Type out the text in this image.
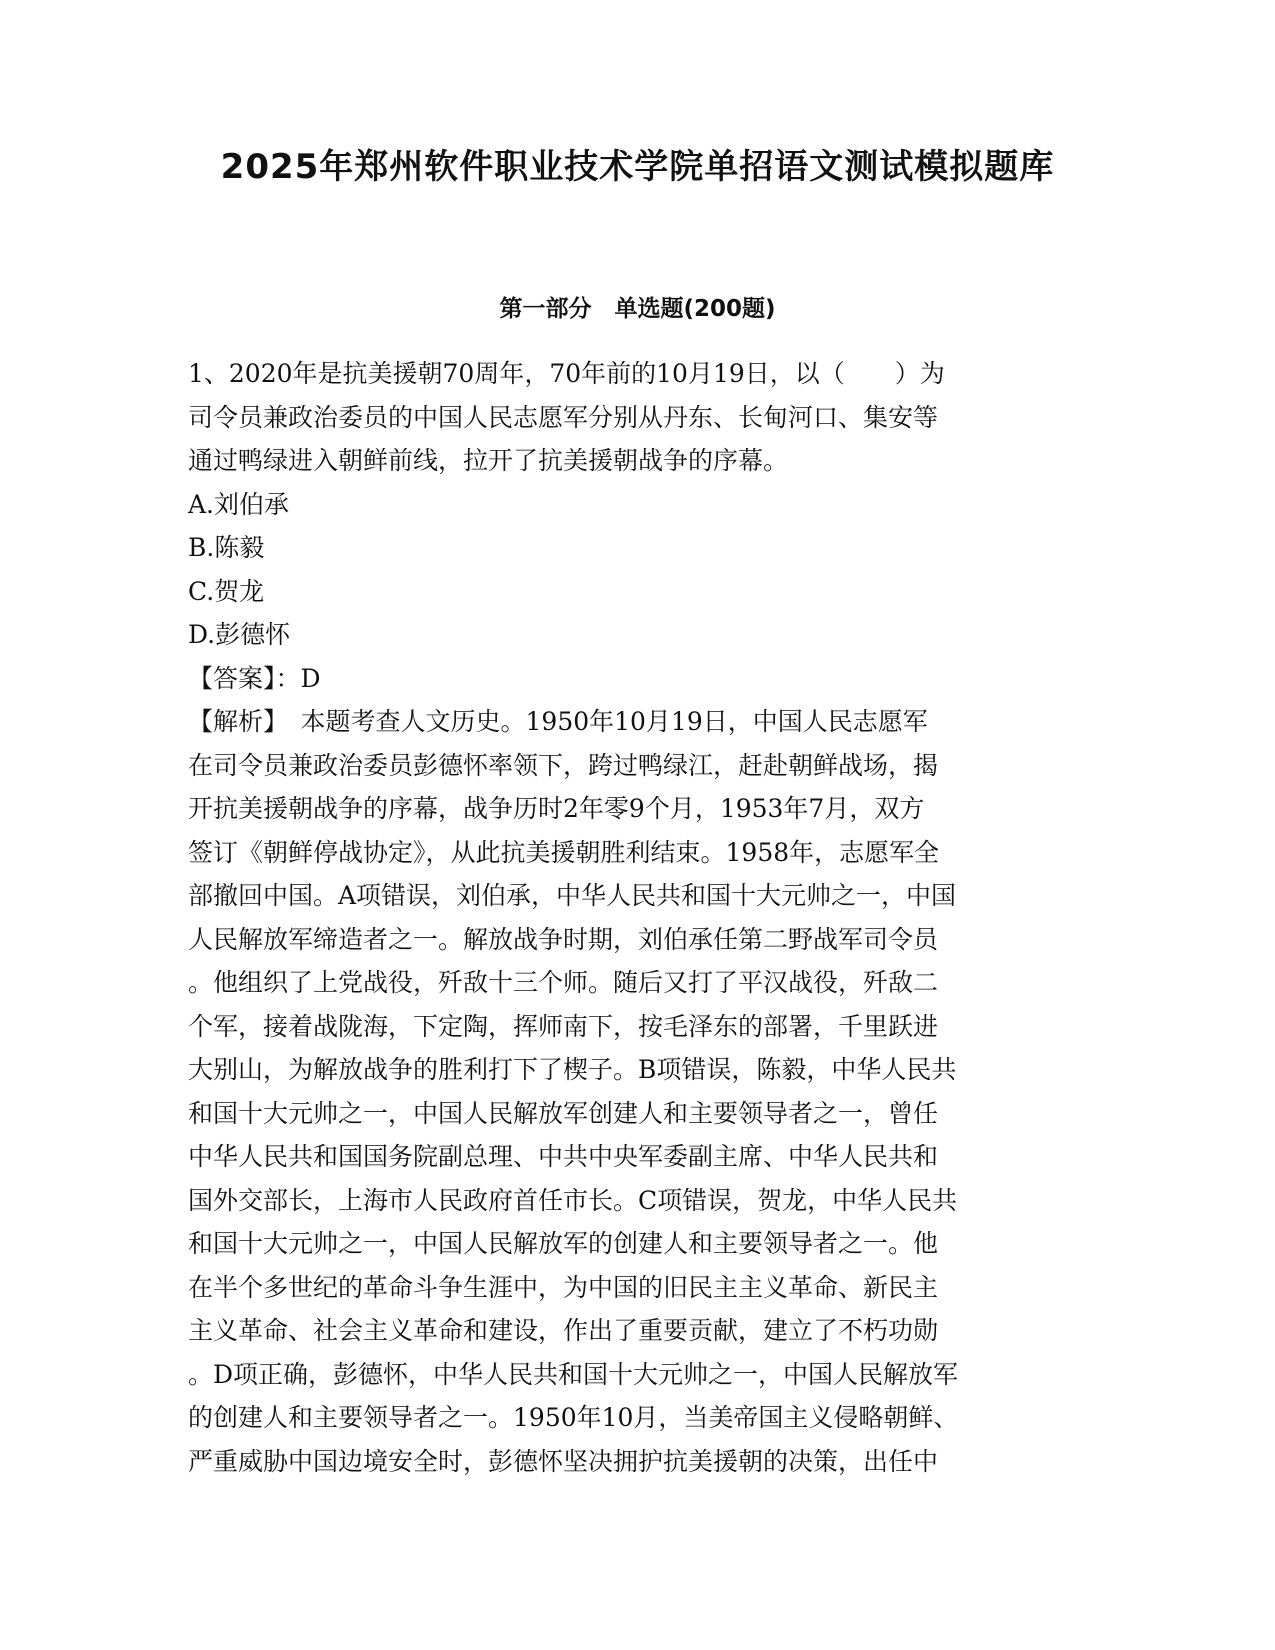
2025年郑州软件职业技术学院单招语文测试模拟题库
第一部分　单选题(200题)
1、2020年是抗美援朝70周年，70年前的10月19日，以（　　）为
司令员兼政治委员的中国人民志愿军分别从丹东、长甸河口、集安等
通过鸭绿进入朝鲜前线，拉开了抗美援朝战争的序幕。
A.刘伯承
B.陈毅
C.贺龙
D.彭德怀
【答案】：D
【解析】　本题考查人文历史。1950年10月19日，中国人民志愿军
在司令员兼政治委员彭德怀率领下，跨过鸭绿江，赶赴朝鲜战场，揭
开抗美援朝战争的序幕，战争历时2年零9个月，1953年7月，双方
签订《朝鲜停战协定》，从此抗美援朝胜利结束。1958年，志愿军全
部撤回中国。A项错误，刘伯承，中华人民共和国十大元帅之一，中国
人民解放军缔造者之一。解放战争时期，刘伯承任第二野战军司令员
。他组织了上党战役，歼敌十三个师。随后又打了平汉战役，歼敌二
个军，接着战陇海，下定陶，挥师南下，按毛泽东的部署，千里跃进
大别山，为解放战争的胜利打下了楔子。B项错误，陈毅，中华人民共
和国十大元帅之一，中国人民解放军创建人和主要领导者之一，曾任
中华人民共和国国务院副总理、中共中央军委副主席、中华人民共和
国外交部长，上海市人民政府首任市长。C项错误，贺龙，中华人民共
和国十大元帅之一，中国人民解放军的创建人和主要领导者之一。他
在半个多世纪的革命斗争生涯中，为中国的旧民主主义革命、新民主
主义革命、社会主义革命和建设，作出了重要贡献，建立了不朽功勋
。D项正确，彭德怀，中华人民共和国十大元帅之一，中国人民解放军
的创建人和主要领导者之一。1950年10月，当美帝国主义侵略朝鲜、
严重威胁中国边境安全时，彭德怀坚决拥护抗美援朝的决策，出任中
